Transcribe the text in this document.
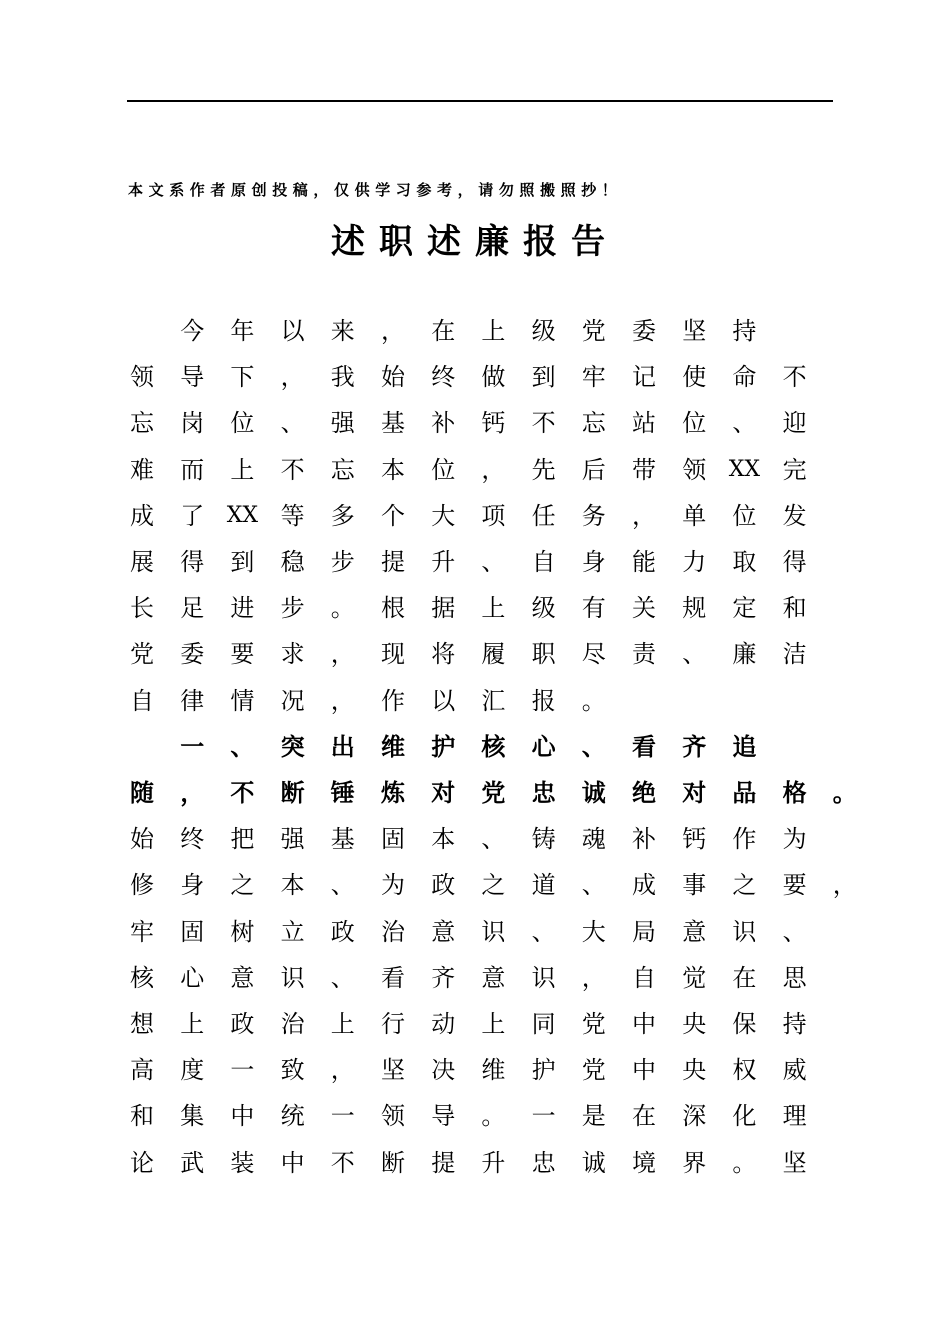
本文系作者原创投稿，仅供学习参考，请勿照搬照抄！
述职述廉报告
今 年 以 来 ， 在 上 级 党 委 坚 持
领 导 下 ， 我 始 终 做 到 牢 记 使 命 不
忘 岗 位 、 强 基 补 钙 不 忘 站 位 、 迎
难 而 上 不 忘 本 位 ， 先 后 带 领 XX 完
成 了 XX 等 多 个 大 项 任 务 ， 单 位 发
展 得 到 稳 步 提 升 、 自 身 能 力 取 得
长 足 进 步 。 根 据 上 级 有 关 规 定 和
党 委 要 求 ， 现 将 履 职 尽 责 、 廉 洁
自 律 情 况 ， 作 以 汇 报 。
一 、 突 出 维 护 核 心 、 看 齐 追
随 ， 不 断 锤 炼 对 党 忠 诚 绝 对 品 格 。
始 终 把 强 基 固 本 、 铸 魂 补 钙 作 为
修 身 之 本 、 为 政 之 道 、 成 事 之 要 ，
牢 固 树 立 政 治 意 识 、 大 局 意 识 、
核 心 意 识 、 看 齐 意 识 ， 自 觉 在 思
想 上 政 治 上 行 动 上 同 党 中 央 保 持
高 度 一 致 ， 坚 决 维 护 党 中 央 权 威
和 集 中 统 一 领 导 。 一 是 在 深 化 理
论 武 装 中 不 断 提 升 忠 诚 境 界 。 坚
